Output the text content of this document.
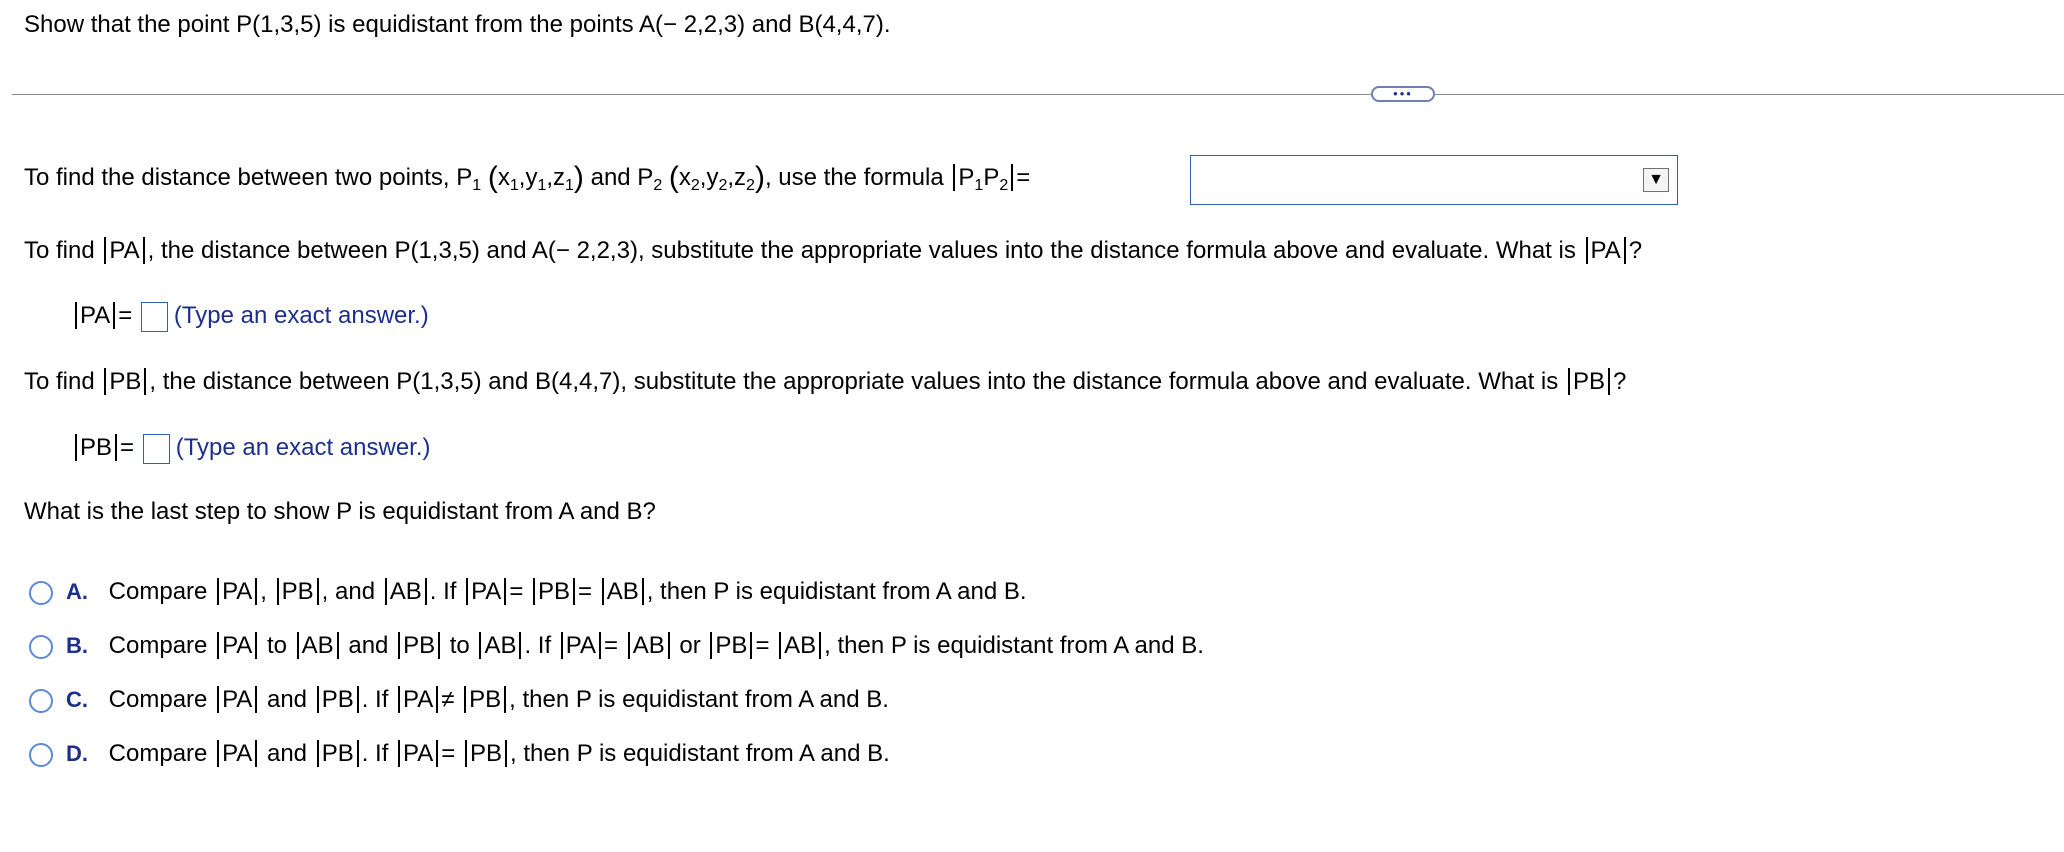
Show that the point P(1,3,5) is equidistant from the points A(− 2,2,3) and B(4,4,7).
•••
To find the distance between two points, $P_1$ $(x_1,y_1,z_1)$ and $P_2$ $(x_2,y_2,z_2)$, use the formula $P_1P_2$ =	▼
To find PA , the distance between P(1,3,5) and A(− 2,2,3), substitute the appropriate values into the distance formula above and evaluate. What is PA ?
PA = (Type an exact answer.)
To find PB , the distance between P(1,3,5) and B(4,4,7), substitute the appropriate values into the distance formula above and evaluate. What is PB ?
PB = (Type an exact answer.)
What is the last step to show P is equidistant from A and B?
A. Compare PA , PB , and AB . If PA = PB = AB , then P is equidistant from A and B.
B. Compare PA to AB and PB to AB . If PA = AB or PB = AB , then P is equidistant from A and B.
C. Compare PA and PB . If PA ≠ PB , then P is equidistant from A and B.
D. Compare PA and PB . If PA = PB , then P is equidistant from A and B.
